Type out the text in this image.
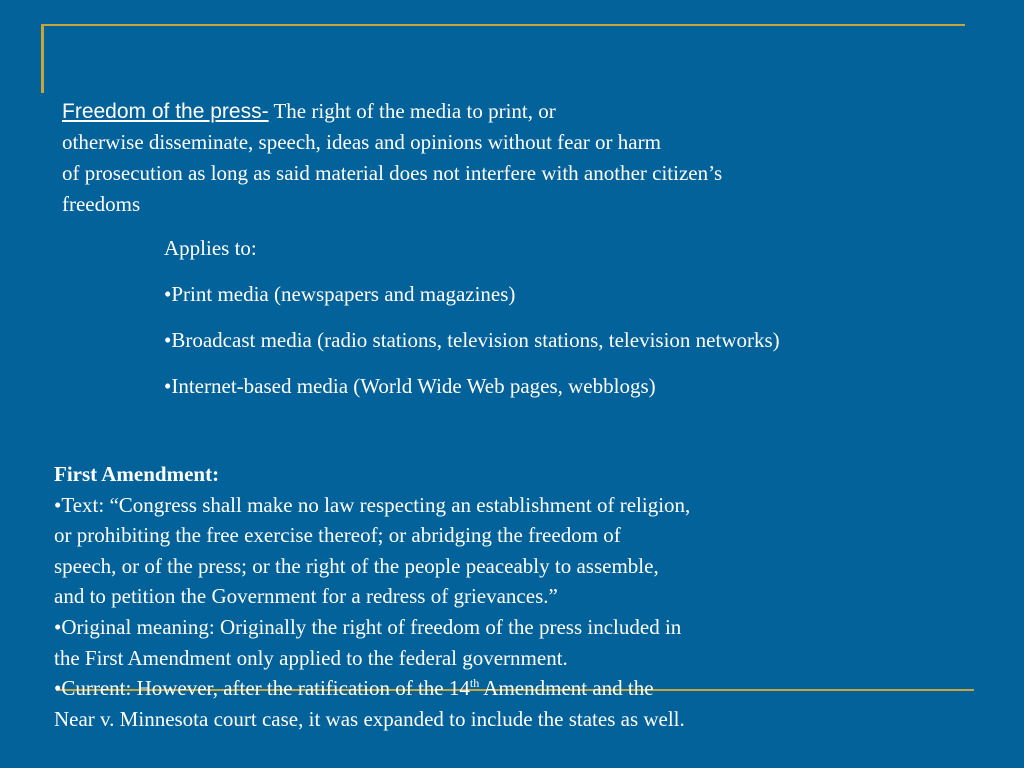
Freedom of the press- The right of the media to print, or
otherwise disseminate, speech, ideas and opinions without fear or harm
of prosecution as long as said material does not interfere with another citizen’s
freedoms

Applies to:

•Print media (newspapers and magazines)

•Broadcast media (radio stations, television stations, television networks)

•Internet-based media (World Wide Web pages, webblogs)

First Amendment:
•Text: “Congress shall make no law respecting an establishment of religion,
or prohibiting the free exercise thereof; or abridging the freedom of
speech, or of the press; or the right of the people peaceably to assemble,
and to petition the Government for a redress of grievances.”
•Original meaning: Originally the right of freedom of the press included in
the First Amendment only applied to the federal government.
•Current: However, after the ratification of the 14th Amendment and the
Near v. Minnesota court case, it was expanded to include the states as well.
